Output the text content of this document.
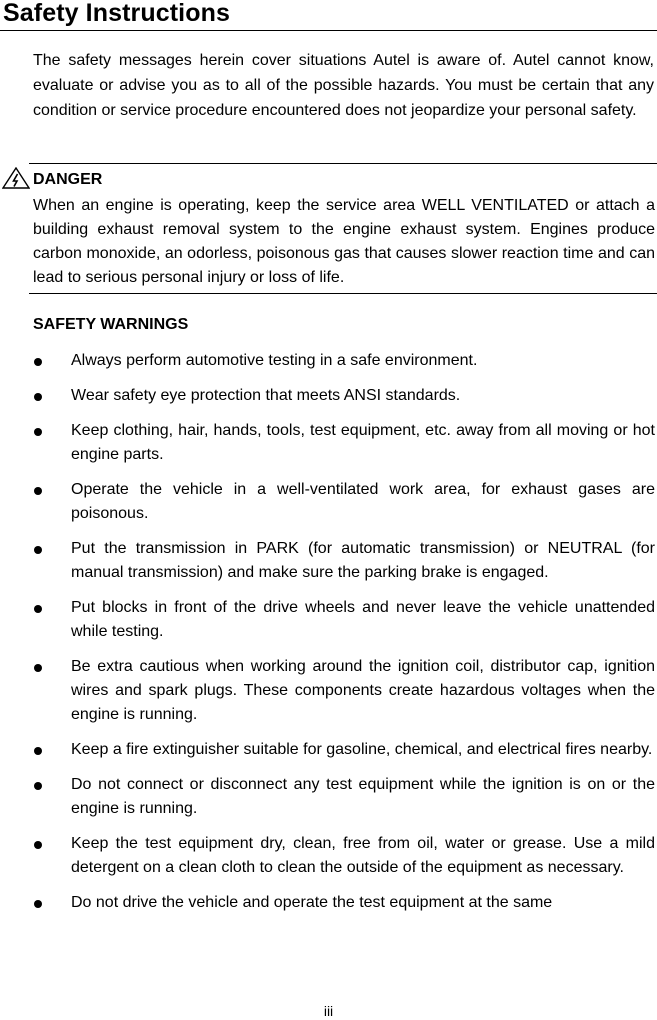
Safety Instructions

The safety messages herein cover situations Autel is aware of. Autel cannot know, evaluate or advise you as to all of the possible hazards. You must be certain that any condition or service procedure encountered does not jeopardize your personal safety.

DANGER

When an engine is operating, keep the service area WELL VENTILATED or attach a building exhaust removal system to the engine exhaust system. Engines produce carbon monoxide, an odorless, poisonous gas that causes slower reaction time and can lead to serious personal injury or loss of life.

SAFETY WARNINGS

Always perform automotive testing in a safe environment.
Wear safety eye protection that meets ANSI standards.
Keep clothing, hair, hands, tools, test equipment, etc. away from all moving or hot engine parts.
Operate the vehicle in a well-ventilated work area, for exhaust gases are poisonous.
Put the transmission in PARK (for automatic transmission) or NEUTRAL (for manual transmission) and make sure the parking brake is engaged.
Put blocks in front of the drive wheels and never leave the vehicle unattended while testing.
Be extra cautious when working around the ignition coil, distributor cap, ignition wires and spark plugs. These components create hazardous voltages when the engine is running.
Keep a fire extinguisher suitable for gasoline, chemical, and electrical fires nearby.
Do not connect or disconnect any test equipment while the ignition is on or the engine is running.
Keep the test equipment dry, clean, free from oil, water or grease. Use a mild detergent on a clean cloth to clean the outside of the equipment as necessary.
Do not drive the vehicle and operate the test equipment at the same

iii
